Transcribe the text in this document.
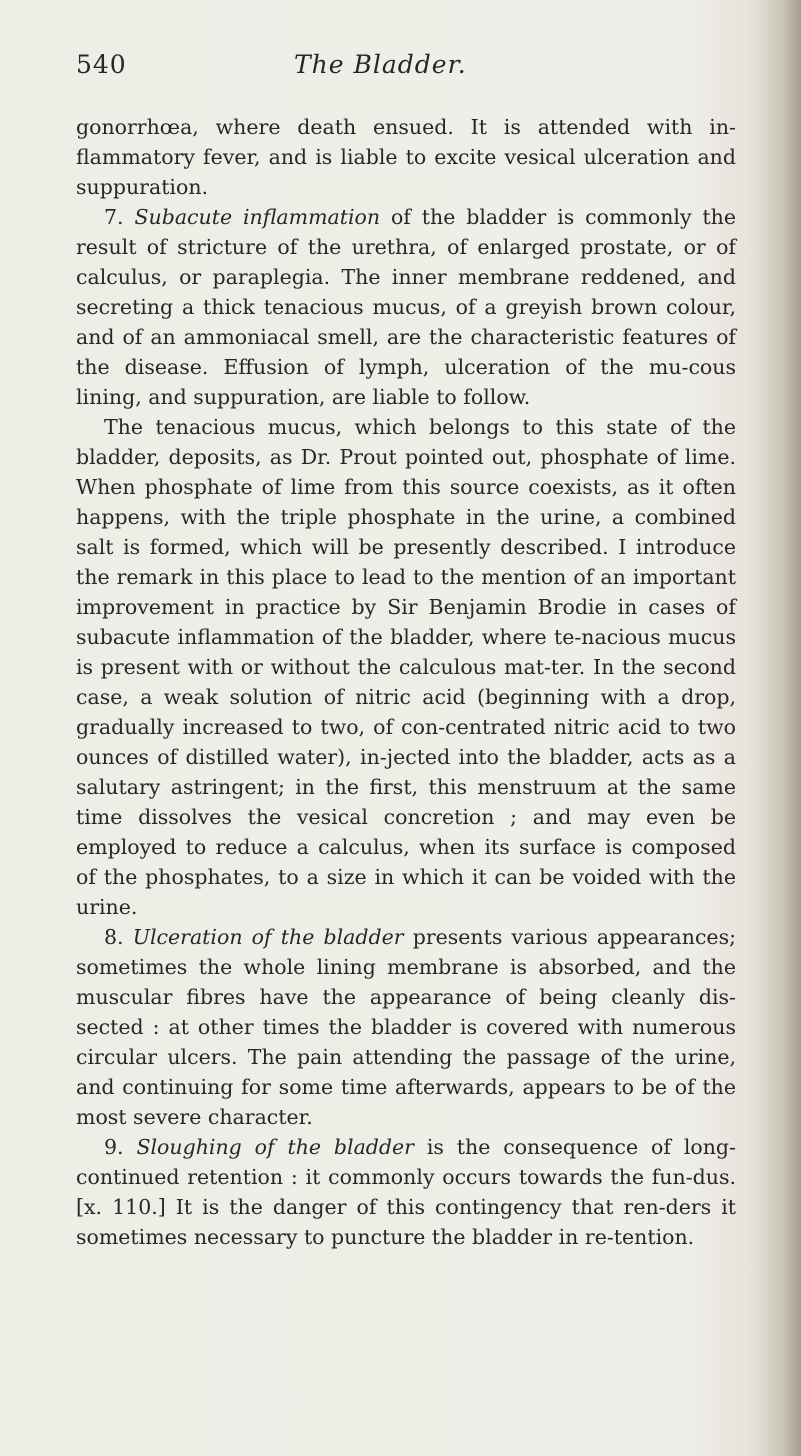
540	The Bladder.

gonorrhœa, where death ensued. It is attended with in-flammatory fever, and is liable to excite vesical ulceration and suppuration.

7. Subacute inflammation of the bladder is commonly the result of stricture of the urethra, of enlarged prostate, or of calculus, or paraplegia. The inner membrane reddened, and secreting a thick tenacious mucus, of a greyish brown colour, and of an ammoniacal smell, are the characteristic features of the disease. Effusion of lymph, ulceration of the mu-cous lining, and suppuration, are liable to follow.

The tenacious mucus, which belongs to this state of the bladder, deposits, as Dr. Prout pointed out, phosphate of lime. When phosphate of lime from this source coexists, as it often happens, with the triple phosphate in the urine, a combined salt is formed, which will be presently described. I introduce the remark in this place to lead to the mention of an important improvement in practice by Sir Benjamin Brodie in cases of subacute inflammation of the bladder, where te-nacious mucus is present with or without the calculous mat-ter. In the second case, a weak solution of nitric acid (beginning with a drop, gradually increased to two, of con-centrated nitric acid to two ounces of distilled water), in-jected into the bladder, acts as a salutary astringent; in the first, this menstruum at the same time dissolves the vesical concretion ; and may even be employed to reduce a calculus, when its surface is composed of the phosphates, to a size in which it can be voided with the urine.

8. Ulceration of the bladder presents various appearances; sometimes the whole lining membrane is absorbed, and the muscular fibres have the appearance of being cleanly dis-sected : at other times the bladder is covered with numerous circular ulcers. The pain attending the passage of the urine, and continuing for some time afterwards, appears to be of the most severe character.

9. Sloughing of the bladder is the consequence of long-continued retention : it commonly occurs towards the fun-dus. [x. 110.] It is the danger of this contingency that ren-ders it sometimes necessary to puncture the bladder in re-tention.
